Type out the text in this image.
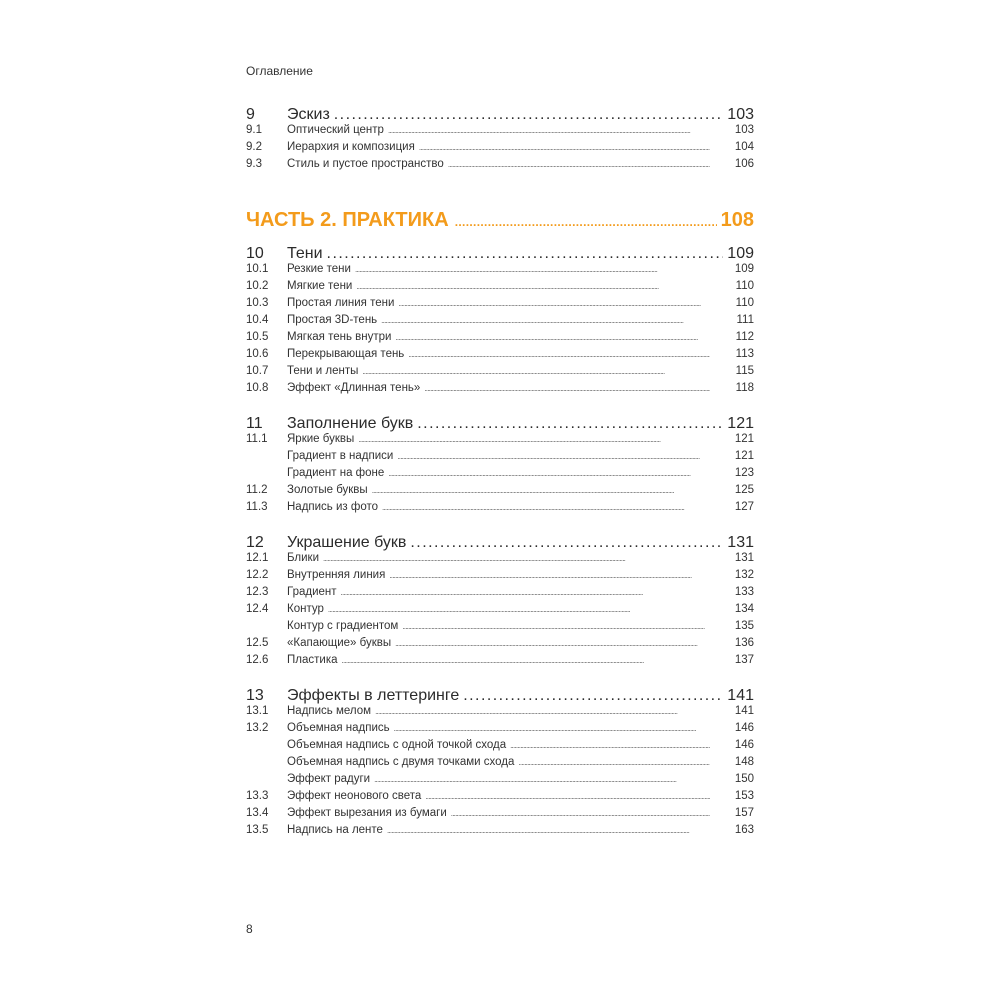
Оглавление
9	Эскиз . . .	103
9.1	Оптический центр . . .	103
9.2	Иерархия и композиция . . .	104
9.3	Стиль и пустое пространство . . .	106
ЧАСТЬ 2. ПРАКТИКА . . .	108
10	Тени . . .	109
10.1	Резкие тени . . .	109
10.2	Мягкие тени . . .	110
10.3	Простая линия тени . . .	110
10.4	Простая 3D-тень . . .	111
10.5	Мягкая тень внутри . . .	112
10.6	Перекрывающая тень . . .	113
10.7	Тени и ленты . . .	115
10.8	Эффект «Длинная тень» . . .	118
11	Заполнение букв . . .	121
11.1	Яркие буквы . . .	121
Градиент в надписи . . .	121
Градиент на фоне . . .	123
11.2	Золотые буквы . . .	125
11.3	Надпись из фото . . .	127
12	Украшение букв . . .	131
12.1	Блики . . .	131
12.2	Внутренняя линия . . .	132
12.3	Градиент . . .	133
12.4	Контур . . .	134
Контур с градиентом . . .	135
12.5	«Капающие» буквы . . .	136
12.6	Пластика . . .	137
13	Эффекты в леттеринге . . .	141
13.1	Надпись мелом . . .	141
13.2	Объемная надпись . . .	146
Объемная надпись с одной точкой схода . . .	146
Объемная надпись с двумя точками схода . . .	148
Эффект радуги . . .	150
13.3	Эффект неонового света . . .	153
13.4	Эффект вырезания из бумаги . . .	157
13.5	Надпись на ленте . . .	163
8
